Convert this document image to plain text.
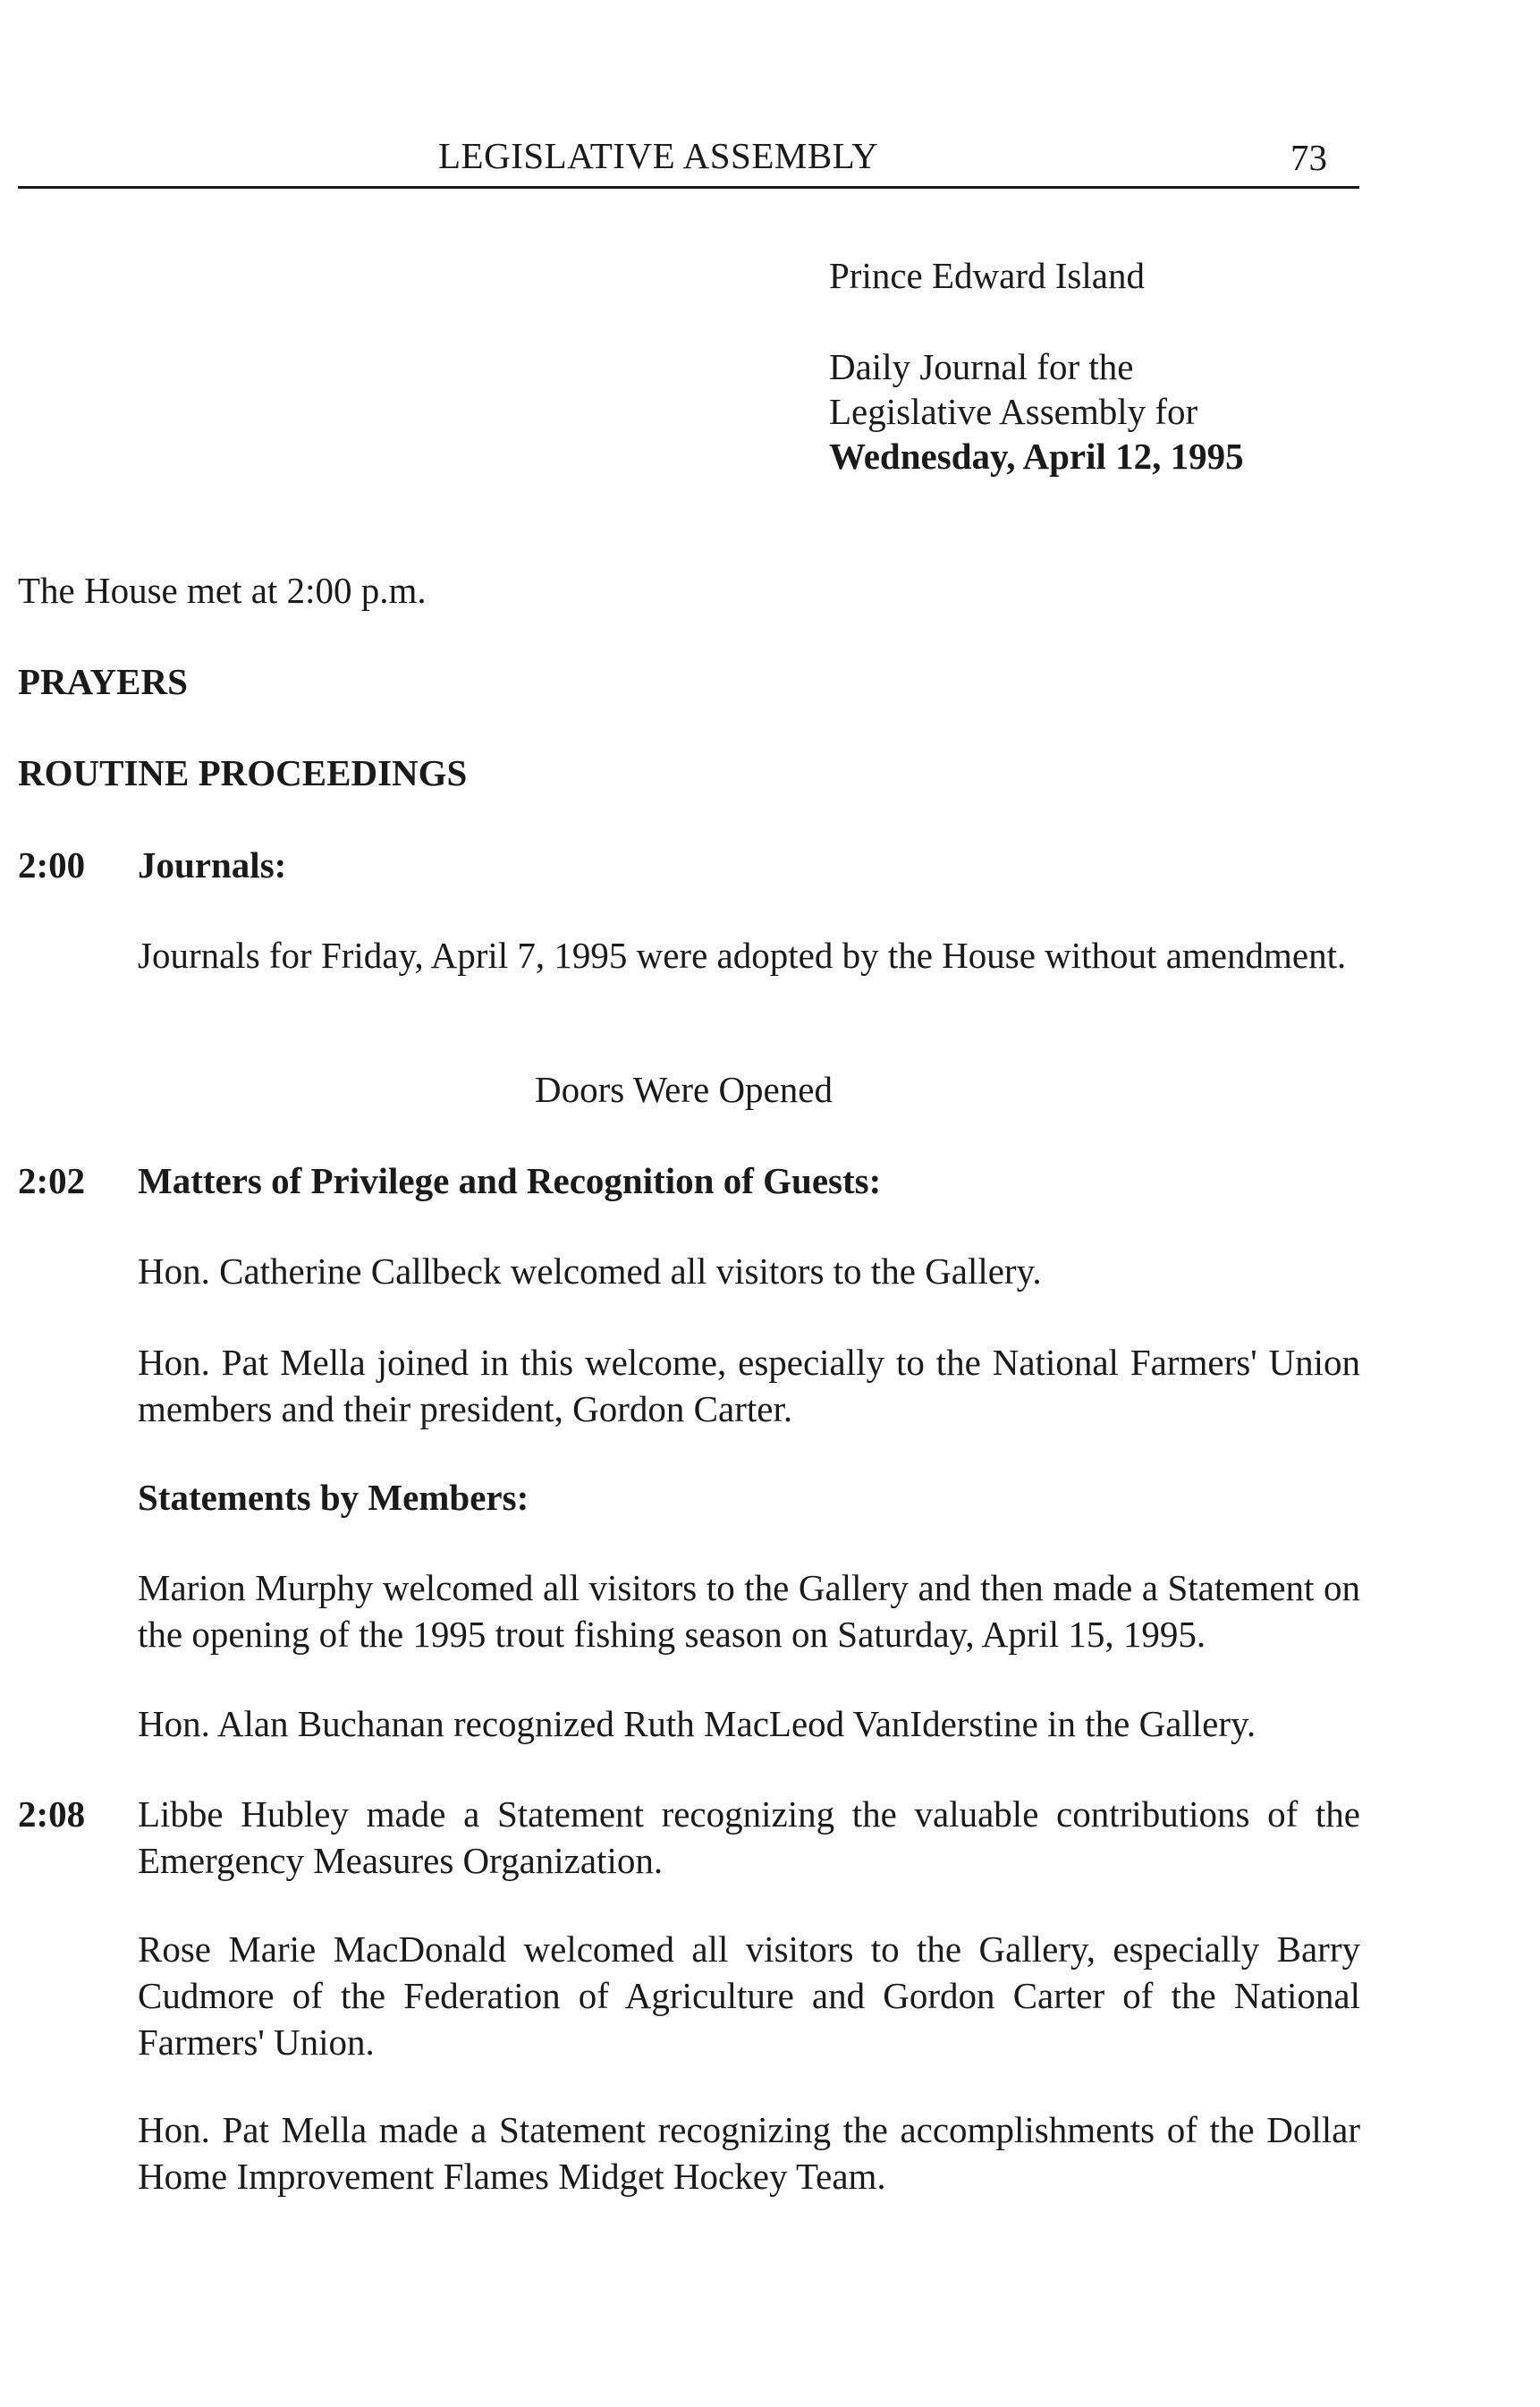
LEGISLATIVE ASSEMBLY	73
Prince Edward Island
Daily Journal for the
Legislative Assembly for
Wednesday, April 12, 1995
The House met at 2:00 p.m.
PRAYERS
ROUTINE PROCEEDINGS
2:00 Journals:

Journals for Friday, April 7, 1995 were adopted by the House without amendment.

Doors Were Opened
2:02 Matters of Privilege and Recognition of Guests:

Hon. Catherine Callbeck welcomed all visitors to the Gallery.

Hon. Pat Mella joined in this welcome, especially to the National Farmers' Union members and their president, Gordon Carter.

Statements by Members:

Marion Murphy welcomed all visitors to the Gallery and then made a Statement on the opening of the 1995 trout fishing season on Saturday, April 15, 1995.

Hon. Alan Buchanan recognized Ruth MacLeod VanIderstine in the Gallery.

2:08 Libbe Hubley made a Statement recognizing the valuable contributions of the Emergency Measures Organization.

Rose Marie MacDonald welcomed all visitors to the Gallery, especially Barry Cudmore of the Federation of Agriculture and Gordon Carter of the National Farmers' Union.

Hon. Pat Mella made a Statement recognizing the accomplishments of the Dollar Home Improvement Flames Midget Hockey Team.
